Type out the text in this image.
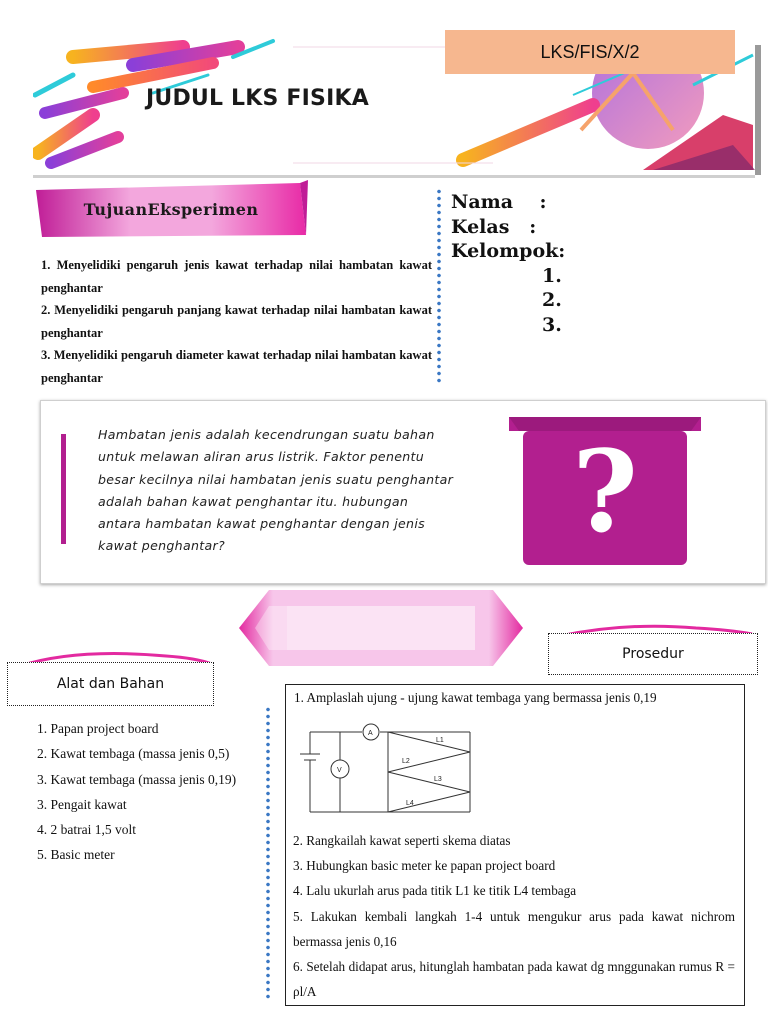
LKS/FIS/X/2
JUDUL LKS FISIKA
TujuanEksperimen
1. Menyelidiki pengaruh jenis kawat terhadap nilai hambatan kawat penghantar
2. Menyelidiki pengaruh panjang kawat terhadap nilai hambatan kawat penghantar
3. Menyelidiki pengaruh diameter kawat terhadap nilai hambatan kawat penghantar
Nama    :
Kelas   :
Kelompok:
1.
2.
3.
Hambatan jenis adalah kecendrungan suatu bahan
untuk melawan aliran arus listrik. Faktor penentu
besar kecilnya nilai hambatan jenis suatu penghantar
adalah bahan kawat penghantar itu. hubungan
antara hambatan kawat penghantar dengan jenis
kawat penghantar?	?
Alat dan Bahan
1. Papan project board
2. Kawat tembaga (massa jenis 0,5)
3. Kawat tembaga (massa jenis 0,19)
3. Pengait kawat
4. 2 batrai 1,5 volt
5. Basic meter
Prosedur
1. Amplaslah ujung - ujung kawat tembaga yang bermassa jenis 0,19
A
V
L1
L2
L3
L4
2. Rangkailah kawat seperti skema diatas
3. Hubungkan basic meter ke papan project board
4. Lalu ukurlah arus pada titik L1 ke titik L4 tembaga
5. Lakukan kembali langkah 1-4 untuk mengukur arus pada kawat nichrom bermassa jenis 0,16
6. Setelah didapat arus, hitunglah hambatan pada kawat dg mnggunakan rumus R = ρl/A
